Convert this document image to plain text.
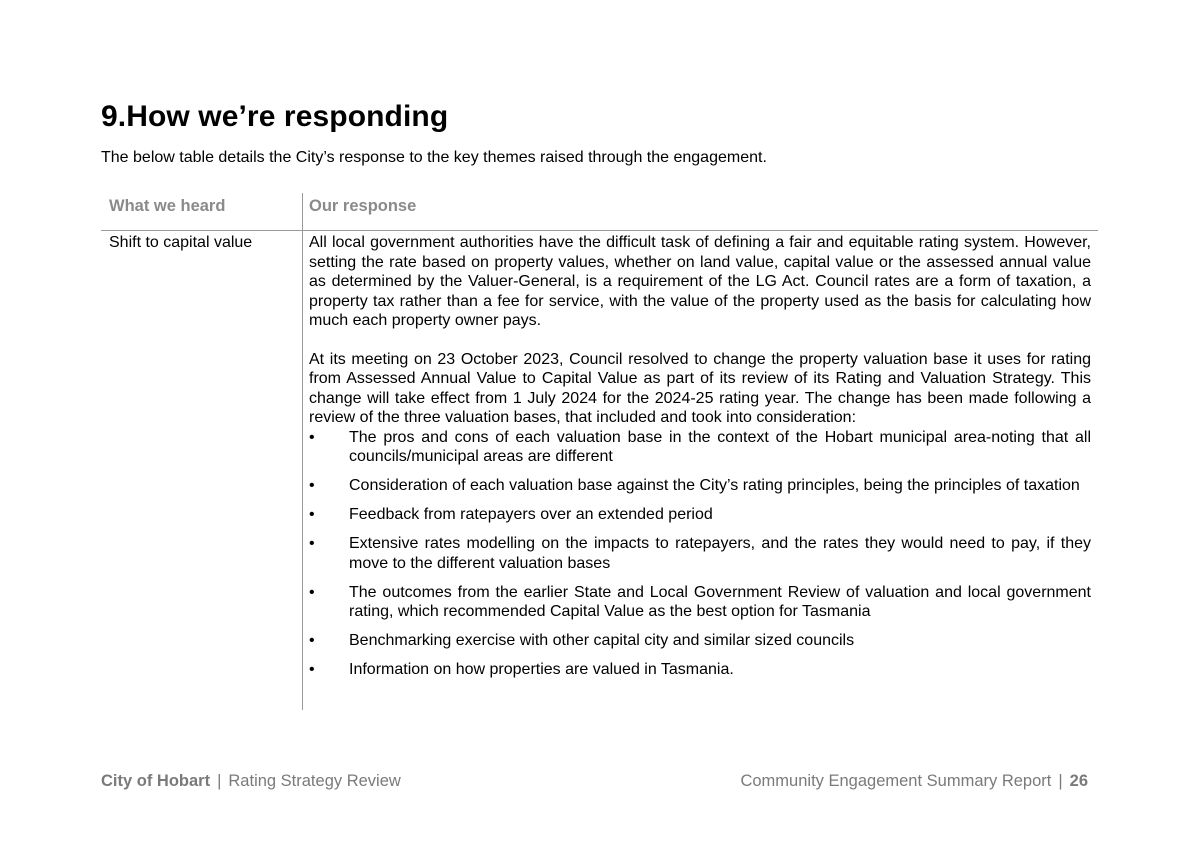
9.How we’re responding

The below table details the City’s response to the key themes raised through the engagement.

What we heard	Our response
Shift to capital value	All local government authorities have the difficult task of defining a fair and equitable rating system. However, setting the rate based on property values, whether on land value, capital value or the assessed annual value as determined by the Valuer-General, is a requirement of the LG Act. Council rates are a form of taxation, a property tax rather than a fee for service, with the value of the property used as the basis for calculating how much each property owner pays.

At its meeting on 23 October 2023, Council resolved to change the property valuation base it uses for rating from Assessed Annual Value to Capital Value as part of its review of its Rating and Valuation Strategy. This change will take effect from 1 July 2024 for the 2024-25 rating year. The change has been made following a review of the three valuation bases, that included and took into consideration:

• The pros and cons of each valuation base in the context of the Hobart municipal area-noting that all councils/municipal areas are different
• Consideration of each valuation base against the City’s rating principles, being the principles of taxation
• Feedback from ratepayers over an extended period
• Extensive rates modelling on the impacts to ratepayers, and the rates they would need to pay, if they move to the different valuation bases
• The outcomes from the earlier State and Local Government Review of valuation and local government rating, which recommended Capital Value as the best option for Tasmania
• Benchmarking exercise with other capital city and similar sized councils
• Information on how properties are valued in Tasmania.
City of Hobart | Rating Strategy Review	Community Engagement Summary Report | 26
